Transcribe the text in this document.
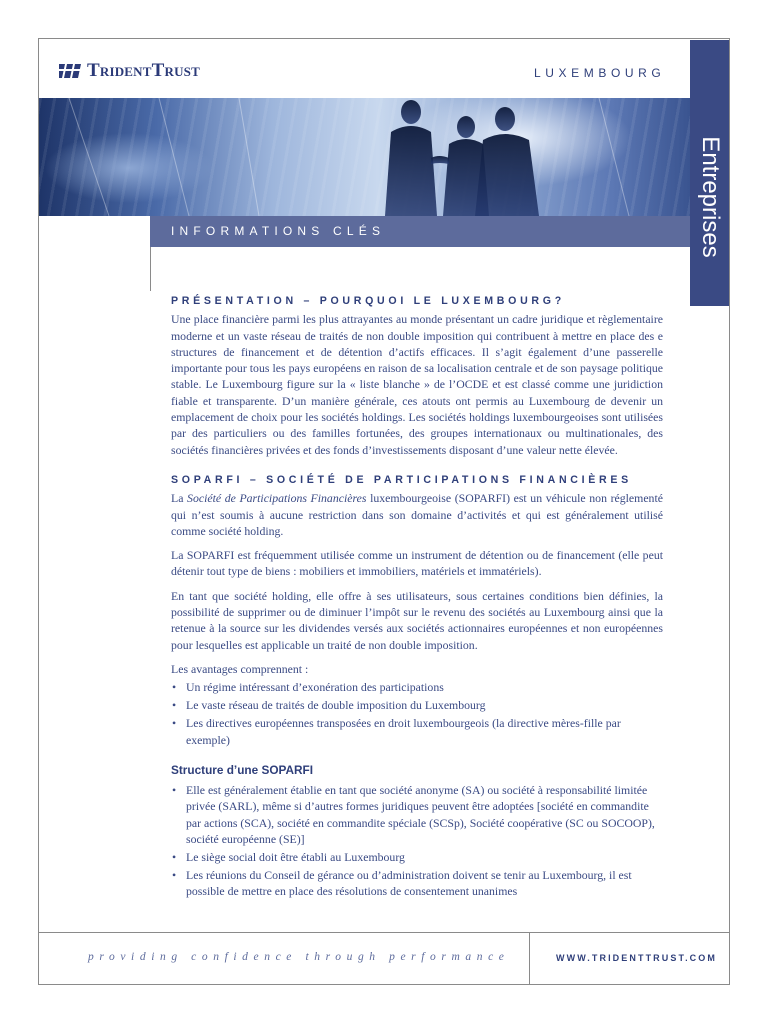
TridentTrust	LUXEMBOURG
Entreprises
INFORMATIONS CLÉS
PRÉSENTATION – POURQUOI LE LUXEMBOURG?
Une place financière parmi les plus attrayantes au monde présentant un cadre juridique et règlementaire moderne et un vaste réseau de traités de non double imposition qui contribuent à mettre en place des e structures de financement et de détention d’actifs efficaces. Il s’agit également d’une passerelle importante pour tous les pays européens en raison de sa localisation centrale et de son paysage politique stable. Le Luxembourg figure sur la « liste blanche » de l’OCDE et est classé comme une juridiction fiable et transparente. D’un manière générale, ces atouts ont permis au Luxembourg de devenir un emplacement de choix pour les sociétés holdings. Les sociétés holdings luxembourgeoises sont utilisées par des particuliers ou des familles fortunées, des groupes internationaux ou multinationales, des sociétés financières privées et des fonds d’investissements disposant d’une valeur nette élevée.
SOPARFI – SOCIÉTÉ DE PARTICIPATIONS FINANCIÈRES
La Société de Participations Financières luxembourgeoise (SOPARFI) est un véhicule non réglementé qui n’est soumis à aucune restriction dans son domaine d’activités et qui est généralement utilisé comme société holding.
La SOPARFI est fréquemment utilisée comme un instrument de détention ou de financement (elle peut détenir tout type de biens : mobiliers et immobiliers, matériels et immatériels).
En tant que société holding, elle offre à ses utilisateurs, sous certaines conditions bien définies, la possibilité de supprimer ou de diminuer l’impôt sur le revenu des sociétés au Luxembourg ainsi que la retenue à la source sur les dividendes versés aux sociétés actionnaires européennes et non européennes pour lesquelles est applicable un traité de non double imposition.
Les avantages comprennent :
• Un régime intéressant d’exonération des participations
• Le vaste réseau de traités de double imposition du Luxembourg
• Les directives européennes transposées en droit luxembourgeois (la directive mères-fille par exemple)
Structure d’une SOPARFI
• Elle est généralement établie en tant que société anonyme (SA) ou société à responsabilité limitée privée (SARL), même si d’autres formes juridiques peuvent être adoptées [société en commandite par actions (SCA), société en commandite spéciale (SCSp), Société coopérative (SC ou SOCOOP), société européenne (SE)]
• Le siège social doit être établi au Luxembourg
• Les réunions du Conseil de gérance ou d’administration doivent se tenir au Luxembourg, il est possible de mettre en place des résolutions de consentement unanimes
providing confidence through performance	WWW.TRIDENTTRUST.COM
